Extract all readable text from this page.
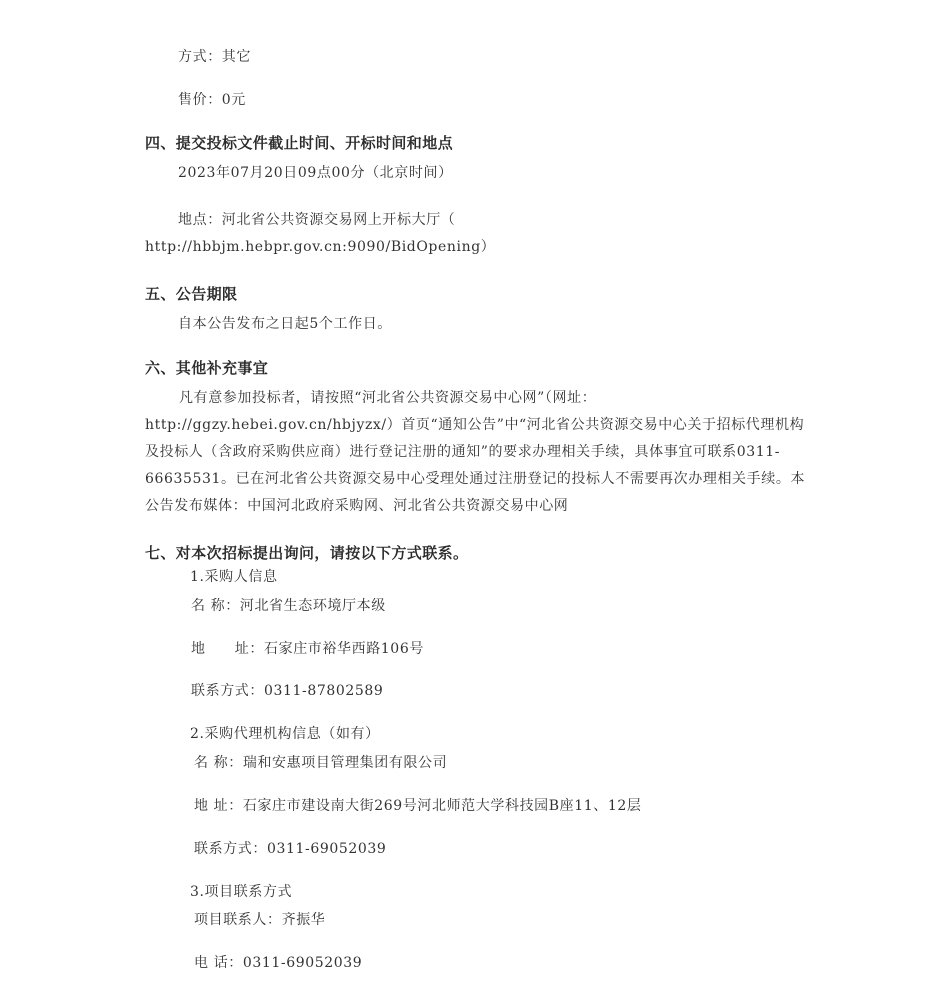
方式：其它
售价：0元
四、提交投标文件截止时间、开标时间和地点
2023年07月20日09点00分（北京时间）
地点：河北省公共资源交易网上开标大厅（
http://hbbjm.hebpr.gov.cn:9090/BidOpening）
五、公告期限
自本公告发布之日起5个工作日。
六、其他补充事宜
凡有意参加投标者，请按照“河北省公共资源交易中心网”（网址：http://ggzy.hebei.gov.cn/hbjyzx/）首页“通知公告”中“河北省公共资源交易中心关于招标代理机构及投标人（含政府采购供应商）进行登记注册的通知”的要求办理相关手续，具体事宜可联系0311-66635531。已在河北省公共资源交易中心受理处通过注册登记的投标人不需要再次办理相关手续。本公告发布媒体：中国河北政府采购网、河北省公共资源交易中心网
七、对本次招标提出询问，请按以下方式联系。
1.采购人信息
名 称：河北省生态环境厅本级
地　　址：石家庄市裕华西路106号
联系方式：0311-87802589
2.采购代理机构信息（如有）
名 称：瑞和安惠项目管理集团有限公司
地 址：石家庄市建设南大街269号河北师范大学科技园B座11、12层
联系方式：0311-69052039
3.项目联系方式
项目联系人：齐振华
电 话：0311-69052039
